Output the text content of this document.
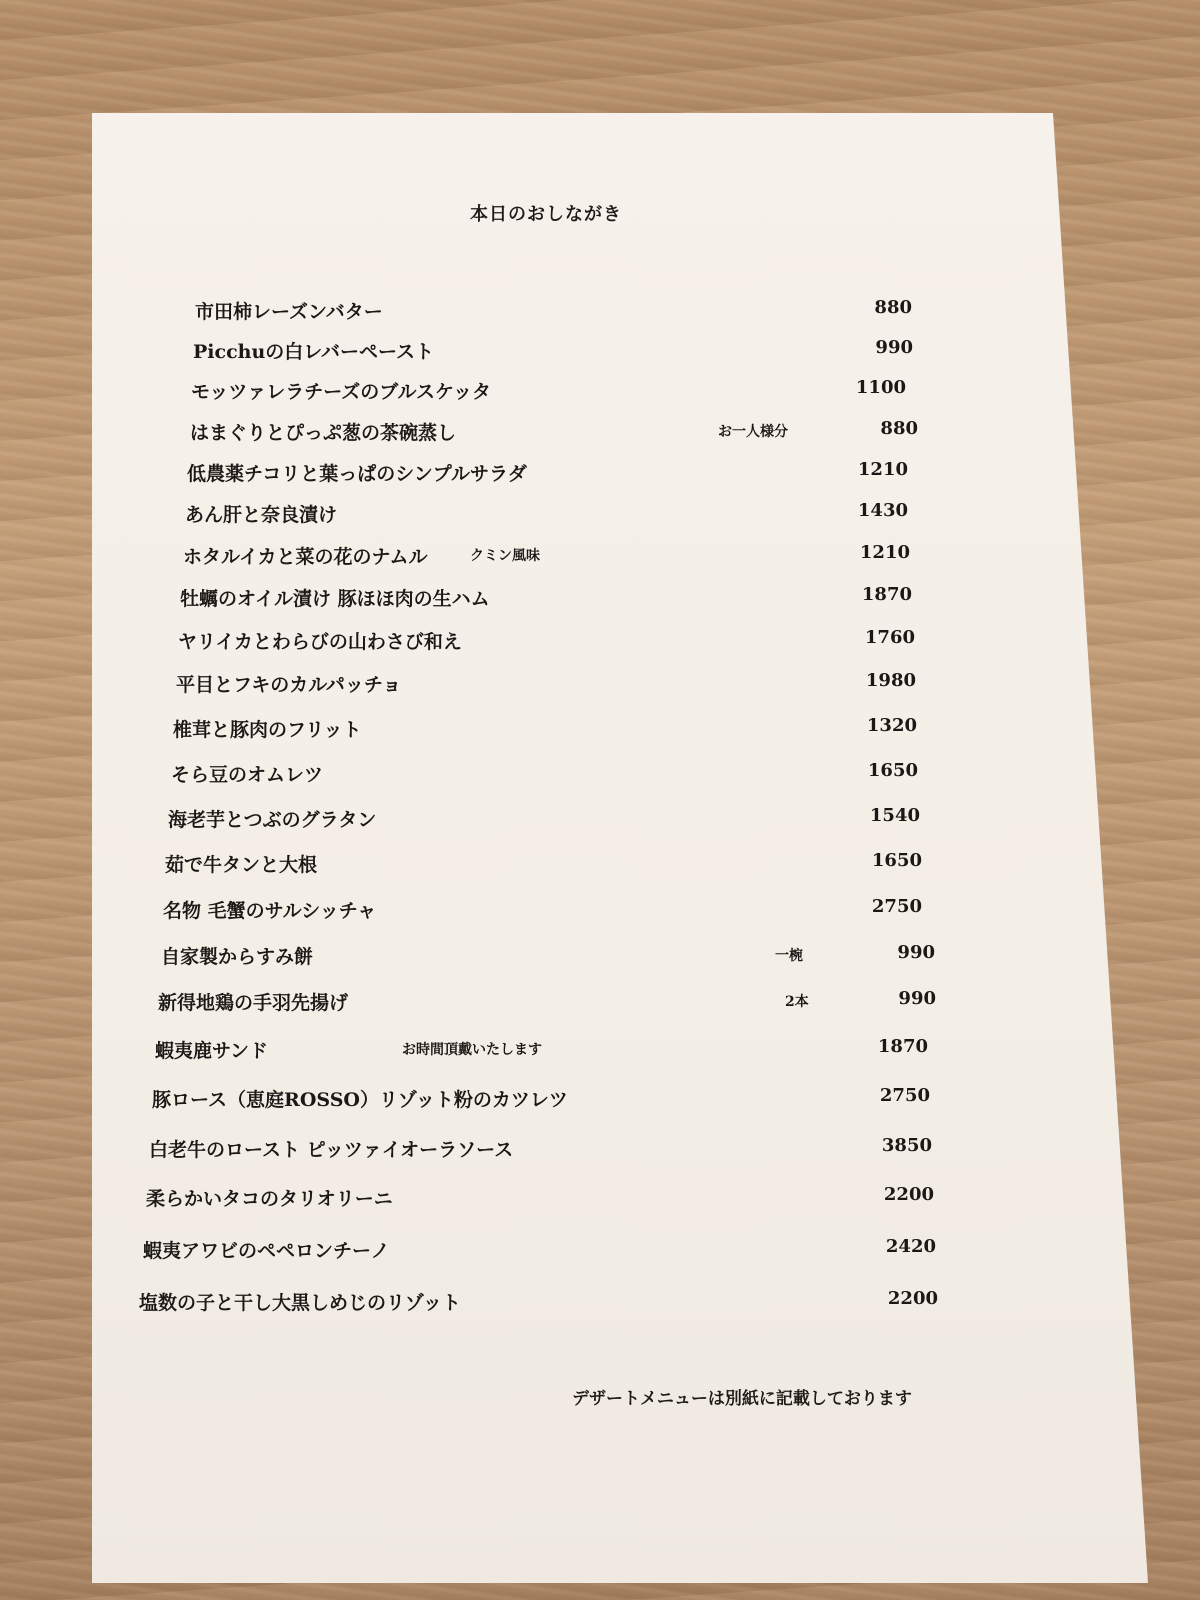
本日のおしながき
市田柿レーズンバター	880
Picchuの白レバーペースト	990
モッツァレラチーズのブルスケッタ	1100
はまぐりとぴっぷ葱の茶碗蒸し	お一人様分	880
低農薬チコリと葉っぱのシンプルサラダ	1210
あん肝と奈良漬け	1430
ホタルイカと菜の花のナムル	クミン風味	1210
牡蠣のオイル漬け 豚ほほ肉の生ハム	1870
ヤリイカとわらびの山わさび和え	1760
平目とフキのカルパッチョ	1980
椎茸と豚肉のフリット	1320
そら豆のオムレツ	1650
海老芋とつぶのグラタン	1540
茹で牛タンと大根	1650
名物 毛蟹のサルシッチャ	2750
自家製からすみ餅	一椀	990
新得地鶏の手羽先揚げ	2本	990
蝦夷鹿サンド	お時間頂戴いたします	1870
豚ロース（恵庭ROSSO）リゾット粉のカツレツ	2750
白老牛のロースト ピッツァイオーラソース	3850
柔らかいタコのタリオリーニ	2200
蝦夷アワビのペペロンチーノ	2420
塩数の子と干し大黒しめじのリゾット	2200
デザートメニューは別紙に記載しております
